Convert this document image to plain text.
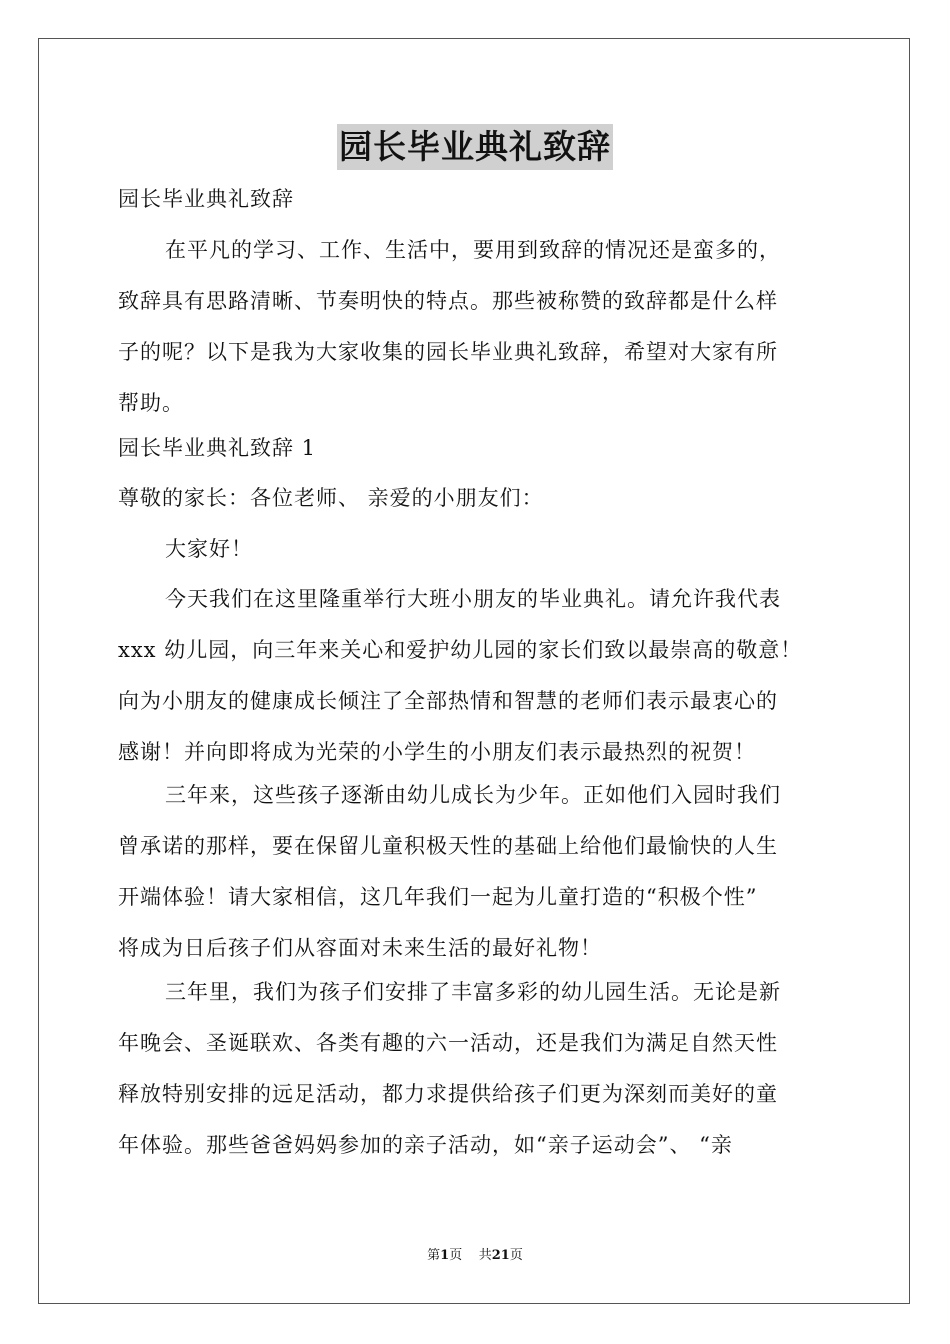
园长毕业典礼致辞

园长毕业典礼致辞

在平凡的学习、工作、生活中，要用到致辞的情况还是蛮多的，
致辞具有思路清晰、节奏明快的特点。那些被称赞的致辞都是什么样
子的呢？以下是我为大家收集的园长毕业典礼致辞，希望对大家有所
帮助。

园长毕业典礼致辞 1

尊敬的家长：各位老师、 亲爱的小朋友们：

大家好！

今天我们在这里隆重举行大班小朋友的毕业典礼。请允许我代表
xxx 幼儿园，向三年来关心和爱护幼儿园的家长们致以最崇高的敬意！
向为小朋友的健康成长倾注了全部热情和智慧的老师们表示最衷心的
感谢！并向即将成为光荣的小学生的小朋友们表示最热烈的祝贺！

三年来，这些孩子逐渐由幼儿成长为少年。正如他们入园时我们
曾承诺的那样，要在保留儿童积极天性的基础上给他们最愉快的人生
开端体验！请大家相信，这几年我们一起为儿童打造的“积极个性”
将成为日后孩子们从容面对未来生活的最好礼物！

三年里，我们为孩子们安排了丰富多彩的幼儿园生活。无论是新
年晚会、圣诞联欢、各类有趣的六一活动，还是我们为满足自然天性
释放特别安排的远足活动，都力求提供给孩子们更为深刻而美好的童
年体验。那些爸爸妈妈参加的亲子活动，如“亲子运动会”、 “亲

第1页 共21页
